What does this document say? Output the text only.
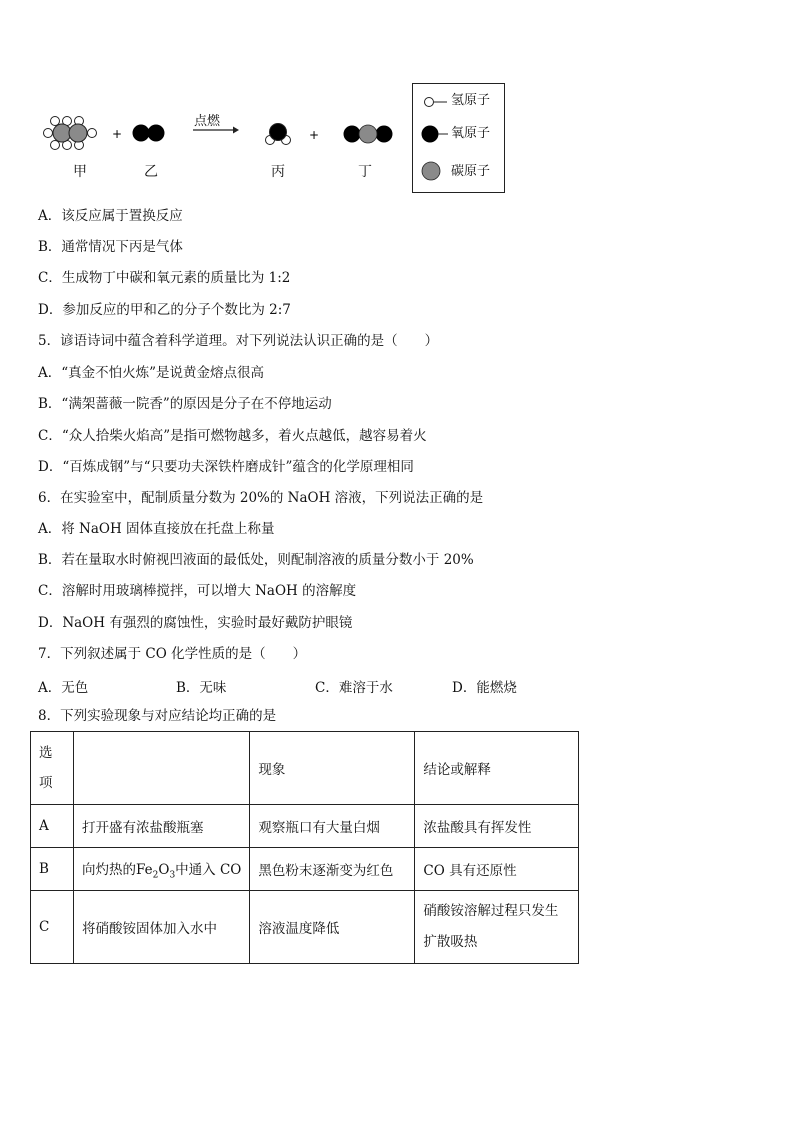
+	+
点燃
甲	乙	丙	丁
氢原子
氧原子
碳原子
A．该反应属于置换反应
B．通常情况下丙是气体
C．生成物丁中碳和氧元素的质量比为 1:2
D．参加反应的甲和乙的分子个数比为 2:7
5．谚语诗词中蕴含着科学道理。对下列说法认识正确的是（　　）
A．“真金不怕火炼”是说黄金熔点很高
B．“满架蔷薇一院香”的原因是分子在不停地运动
C．“众人拾柴火焰高”是指可燃物越多，着火点越低，越容易着火
D．“百炼成钢”与“只要功夫深铁杵磨成针”蕴含的化学原理相同
6．在实验室中，配制质量分数为 20%的 NaOH 溶液，下列说法正确的是
A．将 NaOH 固体直接放在托盘上称量
B．若在量取水时俯视凹液面的最低处，则配制溶液的质量分数小于 20%
C．溶解时用玻璃棒搅拌，可以增大 NaOH 的溶解度
D．NaOH 有强烈的腐蚀性，实验时最好戴防护眼镜
7．下列叙述属于 CO 化学性质的是（　　）
A．无色	B．无味	C．难溶于水	D．能燃烧
8．下列实验现象与对应结论均正确的是
选
项		现象	结论或解释
A	打开盛有浓盐酸瓶塞	观察瓶口有大量白烟	浓盐酸具有挥发性
B	向灼热的$Fe_2O_3$中通入 CO	黑色粉末逐渐变为红色	CO 具有还原性
C	将硝酸铵固体加入水中	溶液温度降低	硝酸铵溶解过程只发生
扩散吸热
